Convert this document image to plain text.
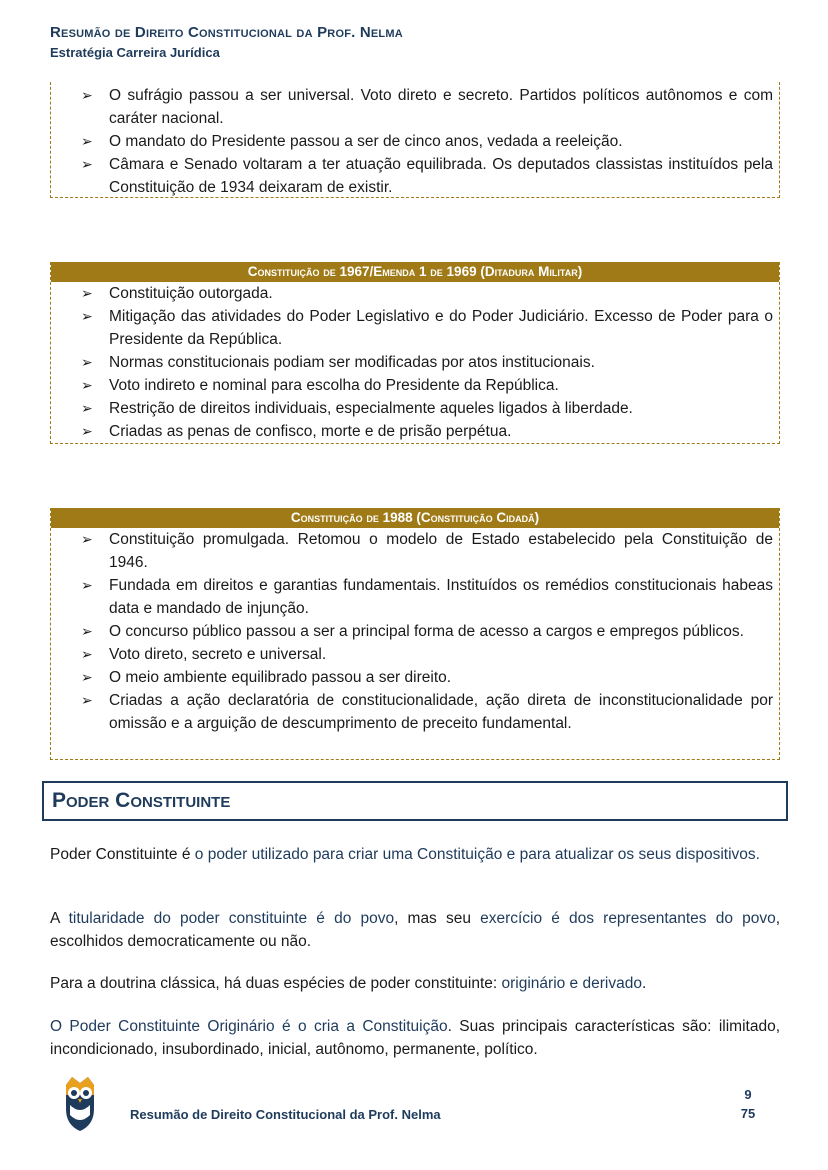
Resumão de Direito Constitucional da Prof. Nelma
Estratégia Carreira Jurídica
➢ O sufrágio passou a ser universal. Voto direto e secreto. Partidos políticos autônomos e com caráter nacional.
➢ O mandato do Presidente passou a ser de cinco anos, vedada a reeleição.
➢ Câmara e Senado voltaram a ter atuação equilibrada. Os deputados classistas instituídos pela Constituição de 1934 deixaram de existir.
Constituição de 1967/Emenda 1 de 1969 (Ditadura Militar)
➢ Constituição outorgada.
➢ Mitigação das atividades do Poder Legislativo e do Poder Judiciário. Excesso de Poder para o Presidente da República.
➢ Normas constitucionais podiam ser modificadas por atos institucionais.
➢ Voto indireto e nominal para escolha do Presidente da República.
➢ Restrição de direitos individuais, especialmente aqueles ligados à liberdade.
➢ Criadas as penas de confisco, morte e de prisão perpétua.
Constituição de 1988 (Constituição Cidadã)
➢ Constituição promulgada. Retomou o modelo de Estado estabelecido pela Constituição de 1946.
➢ Fundada em direitos e garantias fundamentais. Instituídos os remédios constitucionais habeas data e mandado de injunção.
➢ O concurso público passou a ser a principal forma de acesso a cargos e empregos públicos.
➢ Voto direto, secreto e universal.
➢ O meio ambiente equilibrado passou a ser direito.
➢ Criadas a ação declaratória de constitucionalidade, ação direta de inconstitucionalidade por omissão e a arguição de descumprimento de preceito fundamental.
Poder Constituinte
Poder Constituinte é o poder utilizado para criar uma Constituição e para atualizar os seus dispositivos.
A titularidade do poder constituinte é do povo, mas seu exercício é dos representantes do povo, escolhidos democraticamente ou não.
Para a doutrina clássica, há duas espécies de poder constituinte: originário e derivado.
O Poder Constituinte Originário é o cria a Constituição. Suas principais características são: ilimitado, incondicionado, insubordinado, inicial, autônomo, permanente, político.
Resumão de Direito Constitucional da Prof. Nelma
9
75
